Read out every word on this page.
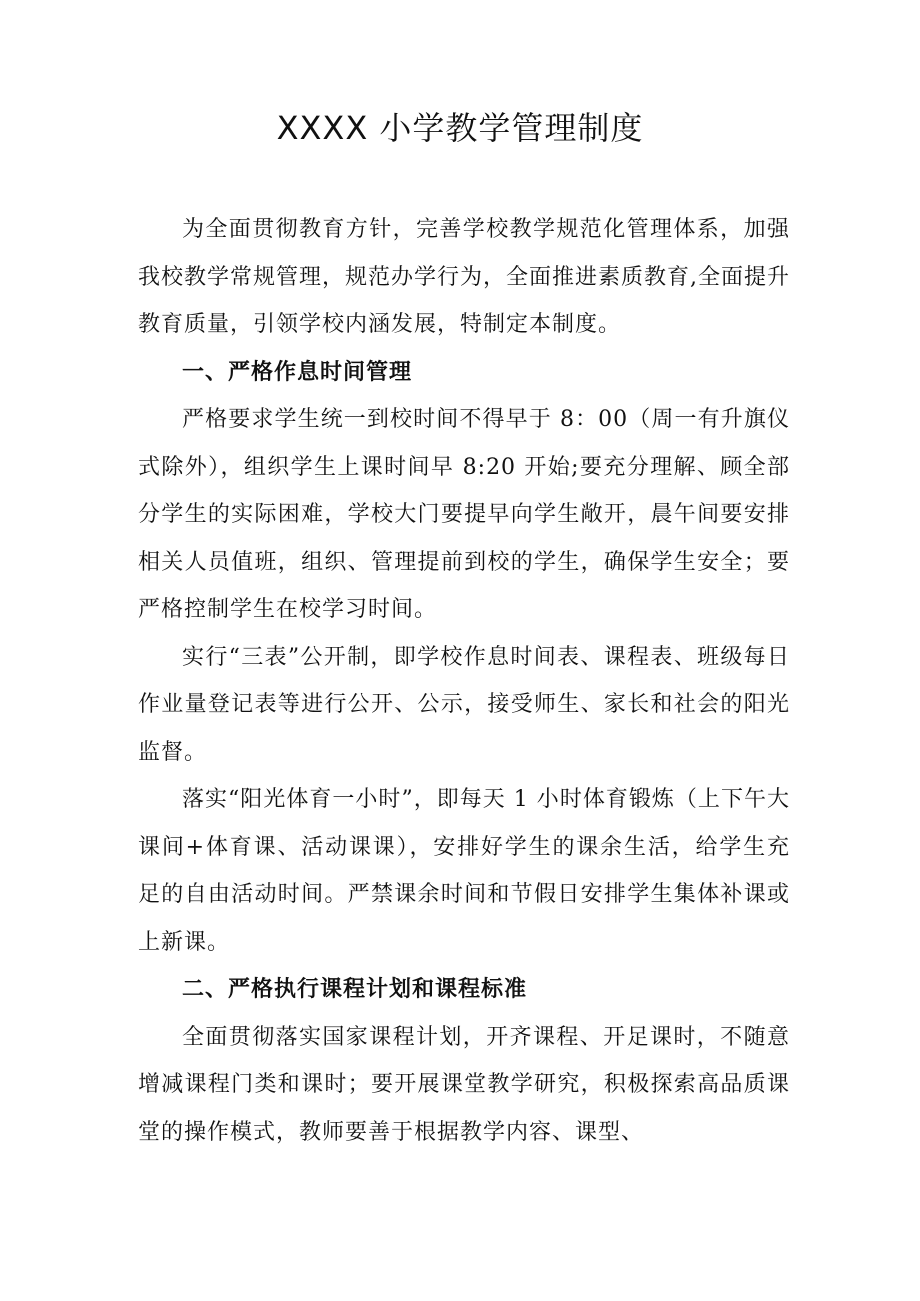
XXXX 小学教学管理制度

为全面贯彻教育方针，完善学校教学规范化管理体系，加强我校教学常规管理，规范办学行为，全面推进素质教育,全面提升教育质量，引领学校内涵发展，特制定本制度。

一、严格作息时间管理

严格要求学生统一到校时间不得早于 8：00（周一有升旗仪式除外），组织学生上课时间早 8:20 开始;要充分理解、顾全部分学生的实际困难，学校大门要提早向学生敞开，晨午间要安排相关人员值班，组织、管理提前到校的学生，确保学生安全；要严格控制学生在校学习时间。

实行“三表”公开制，即学校作息时间表、课程表、班级每日作业量登记表等进行公开、公示，接受师生、家长和社会的阳光监督。

落实“阳光体育一小时”，即每天 1 小时体育锻炼（上下午大课间+体育课、活动课课），安排好学生的课余生活，给学生充足的自由活动时间。严禁课余时间和节假日安排学生集体补课或上新课。

二、严格执行课程计划和课程标准

全面贯彻落实国家课程计划，开齐课程、开足课时，不随意增减课程门类和课时；要开展课堂教学研究，积极探索高品质课堂的操作模式，教师要善于根据教学内容、课型、
